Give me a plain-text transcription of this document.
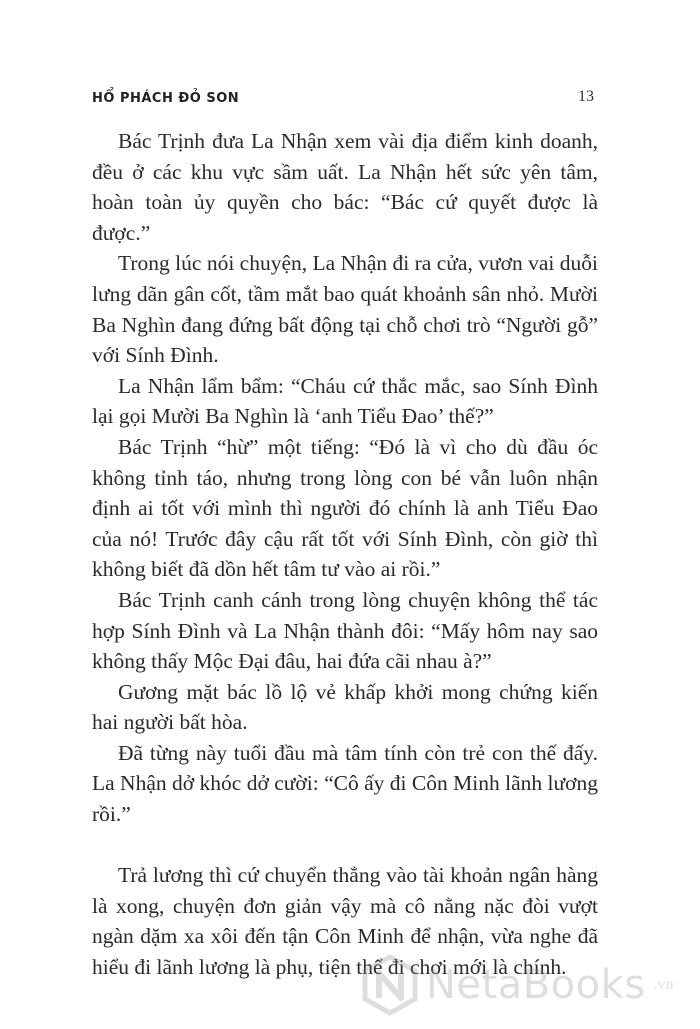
HỔ PHÁCH ĐỎ SON	13

Bác Trịnh đưa La Nhận xem vài địa điểm kinh doanh, đều ở các khu vực sầm uất. La Nhận hết sức yên tâm, hoàn toàn ủy quyền cho bác: “Bác cứ quyết được là được.”

Trong lúc nói chuyện, La Nhận đi ra cửa, vươn vai duỗi lưng dãn gân cốt, tầm mắt bao quát khoảnh sân nhỏ. Mười Ba Nghìn đang đứng bất động tại chỗ chơi trò “Người gỗ” với Sính Đình.

La Nhận lẩm bẩm: “Cháu cứ thắc mắc, sao Sính Đình lại gọi Mười Ba Nghìn là ‘anh Tiểu Đao’ thế?”

Bác Trịnh “hừ” một tiếng: “Đó là vì cho dù đầu óc không tỉnh táo, nhưng trong lòng con bé vẫn luôn nhận định ai tốt với mình thì người đó chính là anh Tiểu Đao của nó! Trước đây cậu rất tốt với Sính Đình, còn giờ thì không biết đã dồn hết tâm tư vào ai rồi.”

Bác Trịnh canh cánh trong lòng chuyện không thể tác hợp Sính Đình và La Nhận thành đôi: “Mấy hôm nay sao không thấy Mộc Đại đâu, hai đứa cãi nhau à?”

Gương mặt bác lồ lộ vẻ khấp khởi mong chứng kiến hai người bất hòa.

Đã từng này tuổi đầu mà tâm tính còn trẻ con thế đấy. La Nhận dở khóc dở cười: “Cô ấy đi Côn Minh lãnh lương rồi.”

Trả lương thì cứ chuyển thẳng vào tài khoản ngân hàng là xong, chuyện đơn giản vậy mà cô nằng nặc đòi vượt ngàn dặm xa xôi đến tận Côn Minh để nhận, vừa nghe đã hiểu đi lãnh lương là phụ, tiện thể đi chơi mới là chính.

NetaBooks .vn
